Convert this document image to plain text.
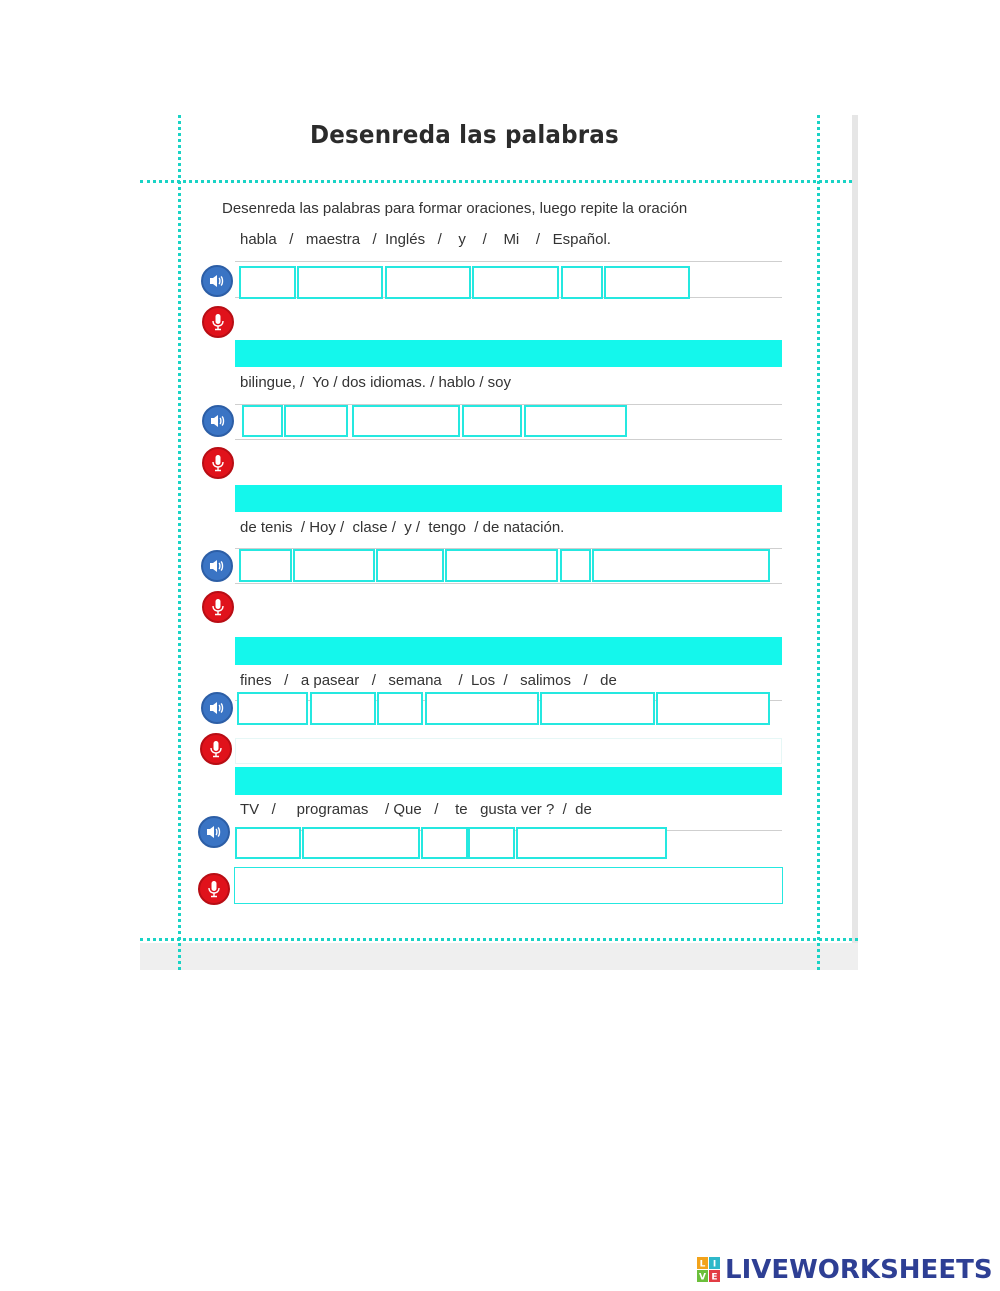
Desenreda las palabras
Desenreda las palabras para formar oraciones, luego repite la oración
habla   /   maestra   /  Inglés   /    y    /    Mi    /   Español.
bilingue, /  Yo / dos idiomas. / hablo / soy
de tenis  / Hoy /  clase /  y /  tengo  / de natación.
fines   /   a pasear   /   semana    /  Los  /   salimos   /   de
TV   /     programas    / Que   /    te   gusta ver ?  /  de
L I
V E LIVEWORKSHEETS
